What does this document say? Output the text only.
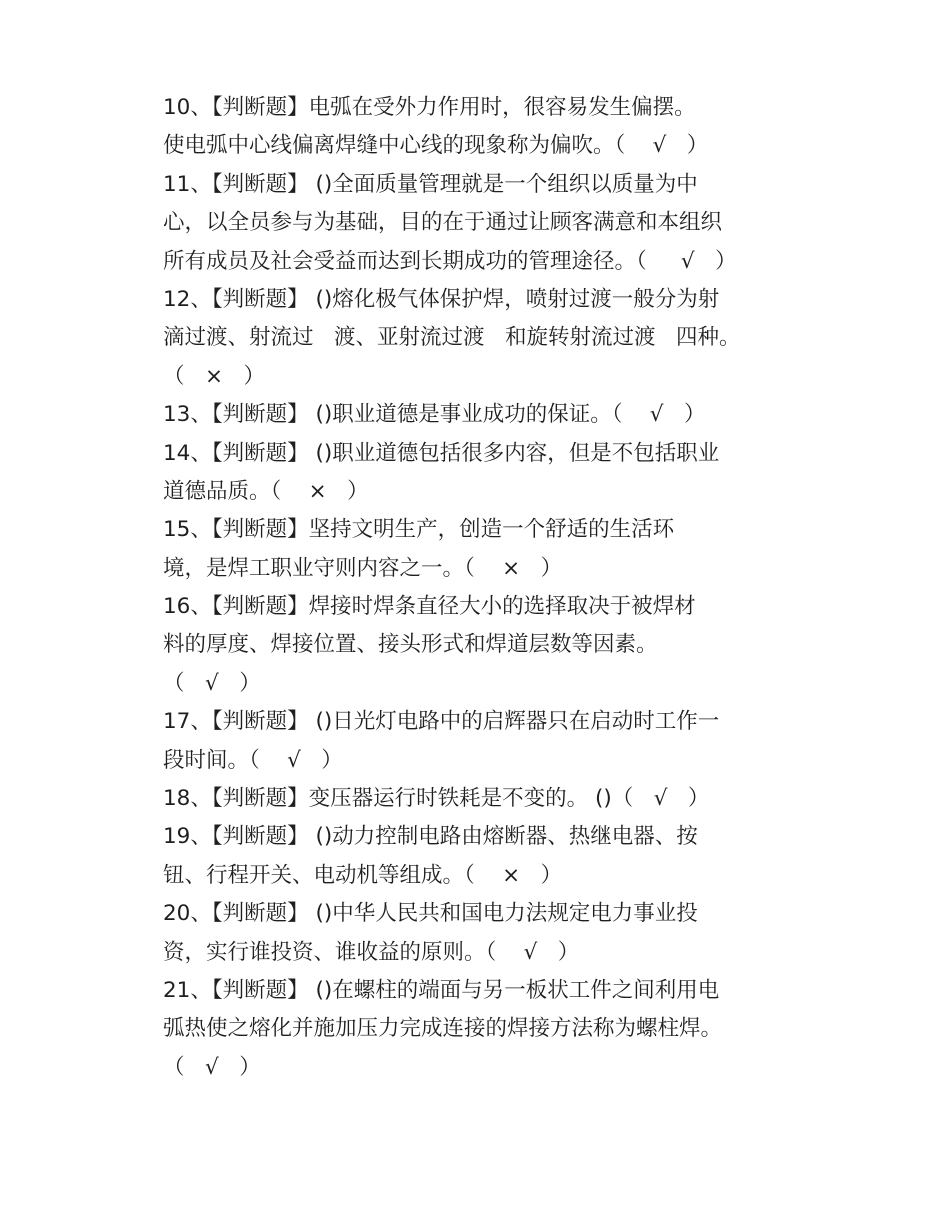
10、【判断题】电弧在受外力作用时，很容易发生偏摆。
使电弧中心线偏离焊缝中心线的现象称为偏吹。（    √   ）
11、【判断题】 ()全面质量管理就是一个组织以质量为中
心，以全员参与为基础，目的在于通过让顾客满意和本组织
所有成员及社会受益而达到长期成功的管理途径。（     √   ）
12、【判断题】 ()熔化极气体保护焊，喷射过渡一般分为射
滴过渡、射流过   渡、亚射流过渡   和旋转射流过渡   四种。
（   ×   ）
13、【判断题】 ()职业道德是事业成功的保证。（    √   ）
14、【判断题】 ()职业道德包括很多内容，但是不包括职业
道德品质。（    ×   ）
15、【判断题】坚持文明生产，创造一个舒适的生活环
境，是焊工职业守则内容之一。（    ×   ）
16、【判断题】焊接时焊条直径大小的选择取决于被焊材
料的厚度、焊接位置、接头形式和焊道层数等因素。
（   √   ）
17、【判断题】 ()日光灯电路中的启辉器只在启动时工作一
段时间。（    √   ）
18、【判断题】变压器运行时铁耗是不变的。 ()（   √   ）
19、【判断题】 ()动力控制电路由熔断器、热继电器、按
钮、行程开关、电动机等组成。（    ×   ）
20、【判断题】 ()中华人民共和国电力法规定电力事业投
资，实行谁投资、谁收益的原则。（    √   ）
21、【判断题】 ()在螺柱的端面与另一板状工件之间利用电
弧热使之熔化并施加压力完成连接的焊接方法称为螺柱焊。
（   √   ）
